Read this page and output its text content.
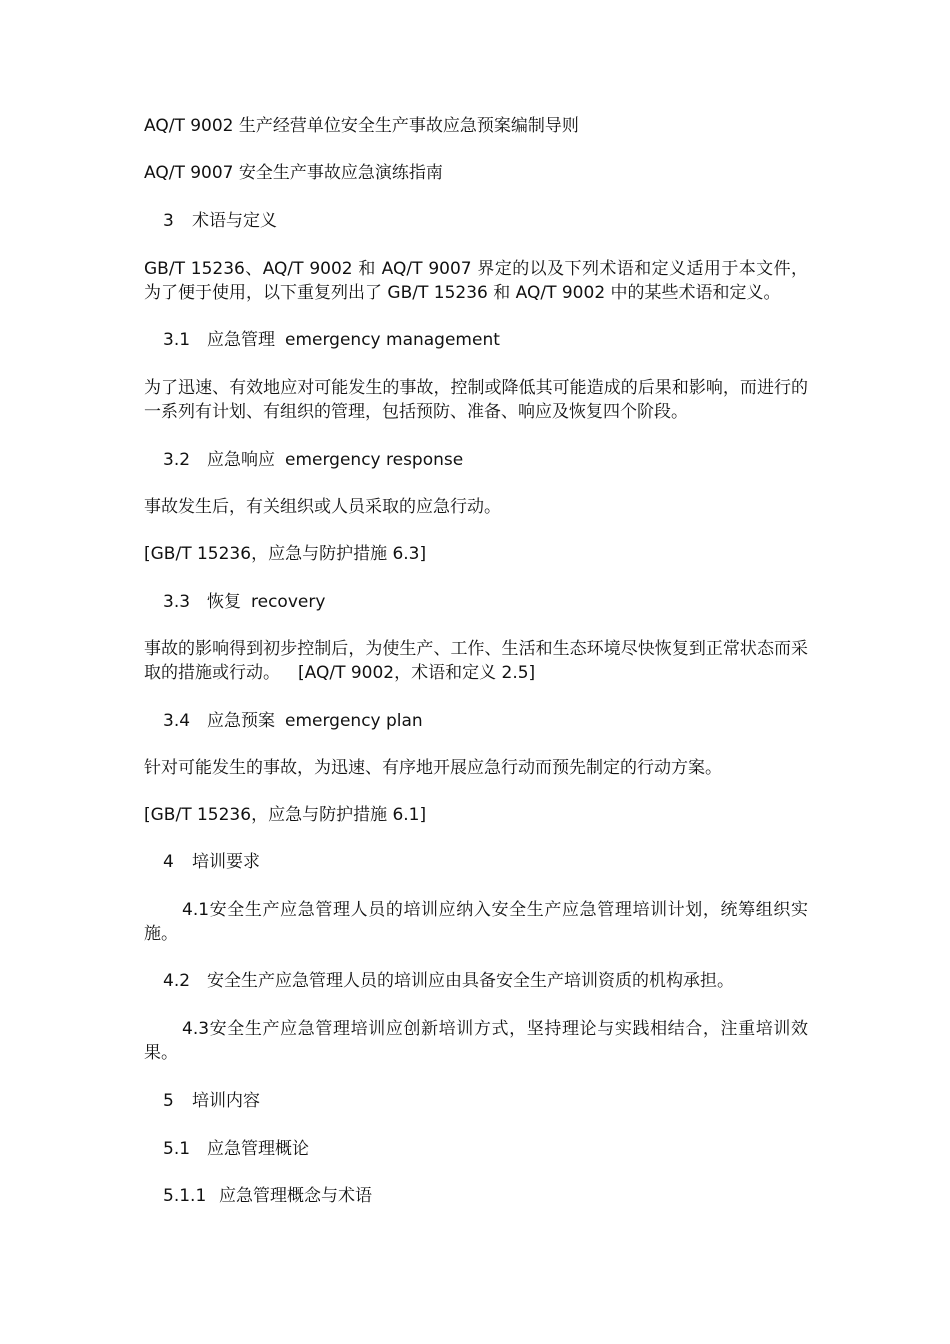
AQ/T 9002 生产经营单位安全生产事故应急预案编制导则
AQ/T 9007 安全生产事故应急演练指南
3 术语与定义
GB/T 15236、AQ/T 9002 和 AQ/T 9007 界定的以及下列术语和定义适用于本文件，为了便于使用，以下重复列出了 GB/T 15236 和 AQ/T 9002 中的某些术语和定义。
3.1 应急管理 emergency management
为了迅速、有效地应对可能发生的事故，控制或降低其可能造成的后果和影响，而进行的一系列有计划、有组织的管理，包括预防、准备、响应及恢复四个阶段。
3.2 应急响应 emergency response
事故发生后，有关组织或人员采取的应急行动。
[GB/T 15236，应急与防护措施 6.3]
3.3 恢复 recovery
事故的影响得到初步控制后，为使生产、工作、生活和生态环境尽快恢复到正常状态而采取的措施或行动。 [AQ/T 9002，术语和定义 2.5]
3.4 应急预案 emergency plan
针对可能发生的事故，为迅速、有序地开展应急行动而预先制定的行动方案。
[GB/T 15236，应急与防护措施 6.1]
4 培训要求
4.1安全生产应急管理人员的培训应纳入安全生产应急管理培训计划，统筹组织实施。
4.2 安全生产应急管理人员的培训应由具备安全生产培训资质的机构承担。
4.3安全生产应急管理培训应创新培训方式，坚持理论与实践相结合，注重培训效果。
5 培训内容
5.1 应急管理概论
5.1.1 应急管理概念与术语
